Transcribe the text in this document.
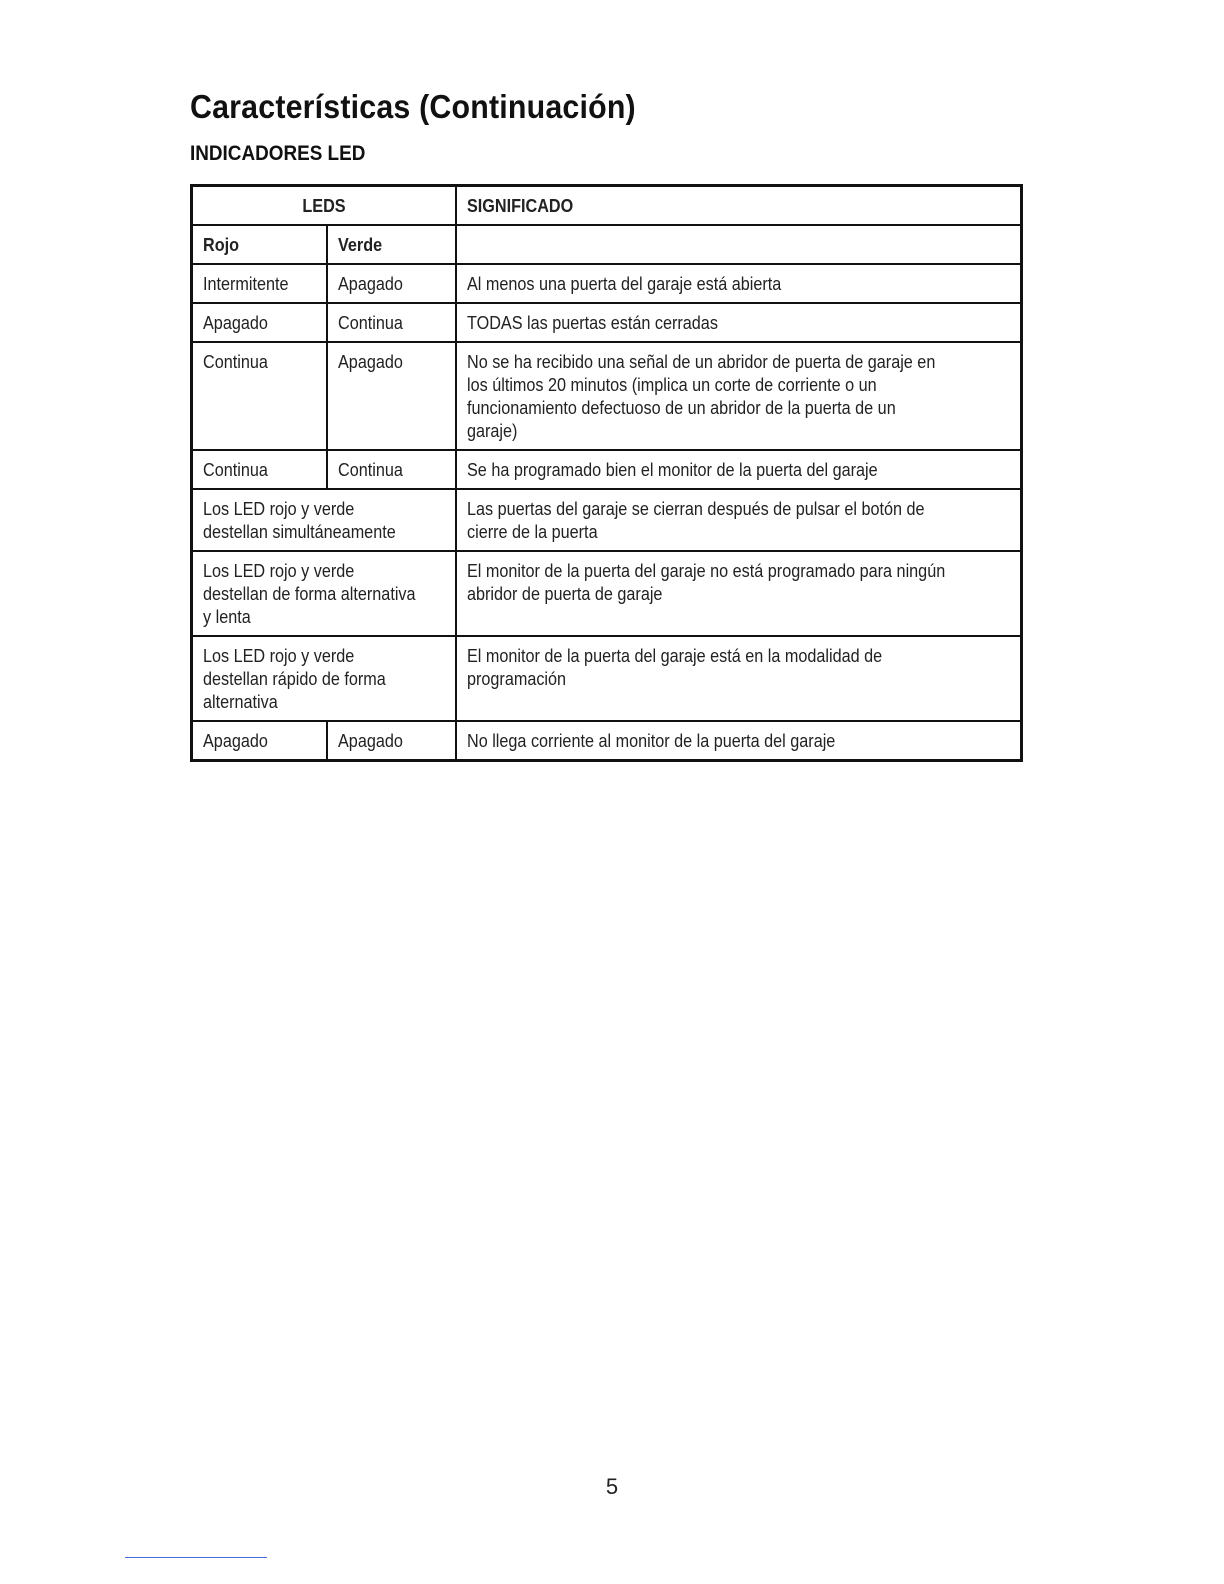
Características (Continuación)
INDICADORES LED
LEDS		SIGNIFICADO
Rojo	Verde	
Intermitente	Apagado	Al menos una puerta del garaje está abierta
Apagado	Continua	TODAS las puertas están cerradas
Continua	Apagado	No se ha recibido una señal de un abridor de puerta de garaje en
los últimos 20 minutos (implica un corte de corriente o un
funcionamiento defectuoso de un abridor de la puerta de un
garaje)
Continua	Continua	Se ha programado bien el monitor de la puerta del garaje
Los LED rojo y verde
destellan simultáneamente		Las puertas del garaje se cierran después de pulsar el botón de
cierre de la puerta
Los LED rojo y verde
destellan de forma alternativa
y lenta		El monitor de la puerta del garaje no está programado para ningún
abridor de puerta de garaje
Los LED rojo y verde
destellan rápido de forma
alternativa		El monitor de la puerta del garaje está en la modalidad de
programación
Apagado	Apagado	No llega corriente al monitor de la puerta del garaje

5
